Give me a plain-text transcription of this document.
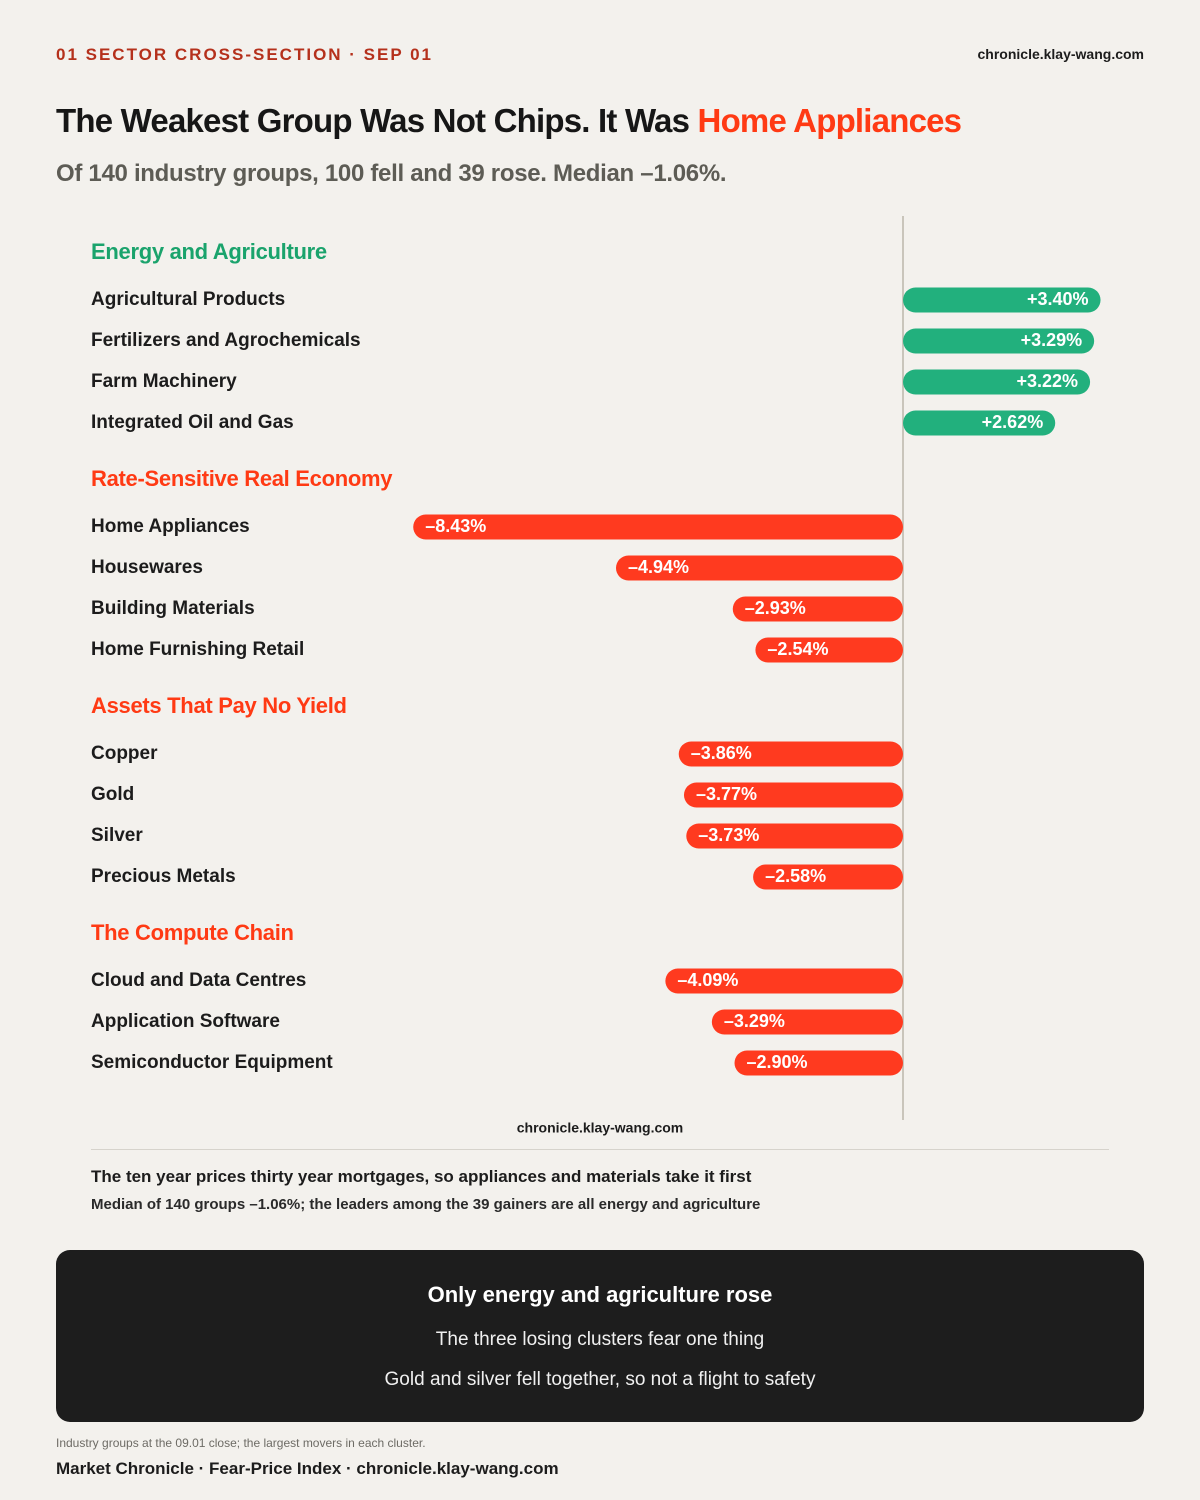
01 SECTOR CROSS-SECTION · SEP 01	chronicle.klay-wang.com
The Weakest Group Was Not Chips. It Was Home Appliances
Of 140 industry groups, 100 fell and 39 rose. Median –1.06%.
Energy and Agriculture
Agricultural Products	+3.40%
Fertilizers and Agrochemicals	+3.29%
Farm Machinery	+3.22%
Integrated Oil and Gas	+2.62%
Rate-Sensitive Real Economy
Home Appliances	–8.43%
Housewares	–4.94%
Building Materials	–2.93%
Home Furnishing Retail	–2.54%
Assets That Pay No Yield
Copper	–3.86%
Gold	–3.77%
Silver	–3.73%
Precious Metals	–2.58%
The Compute Chain
Cloud and Data Centres	–4.09%
Application Software	–3.29%
Semiconductor Equipment	–2.90%
chronicle.klay-wang.com
The ten year prices thirty year mortgages, so appliances and materials take it first
Median of 140 groups –1.06%; the leaders among the 39 gainers are all energy and agriculture
Only energy and agriculture rose
The three losing clusters fear one thing
Gold and silver fell together, so not a flight to safety
Industry groups at the 09.01 close; the largest movers in each cluster.
Market Chronicle · Fear-Price Index · chronicle.klay-wang.com
